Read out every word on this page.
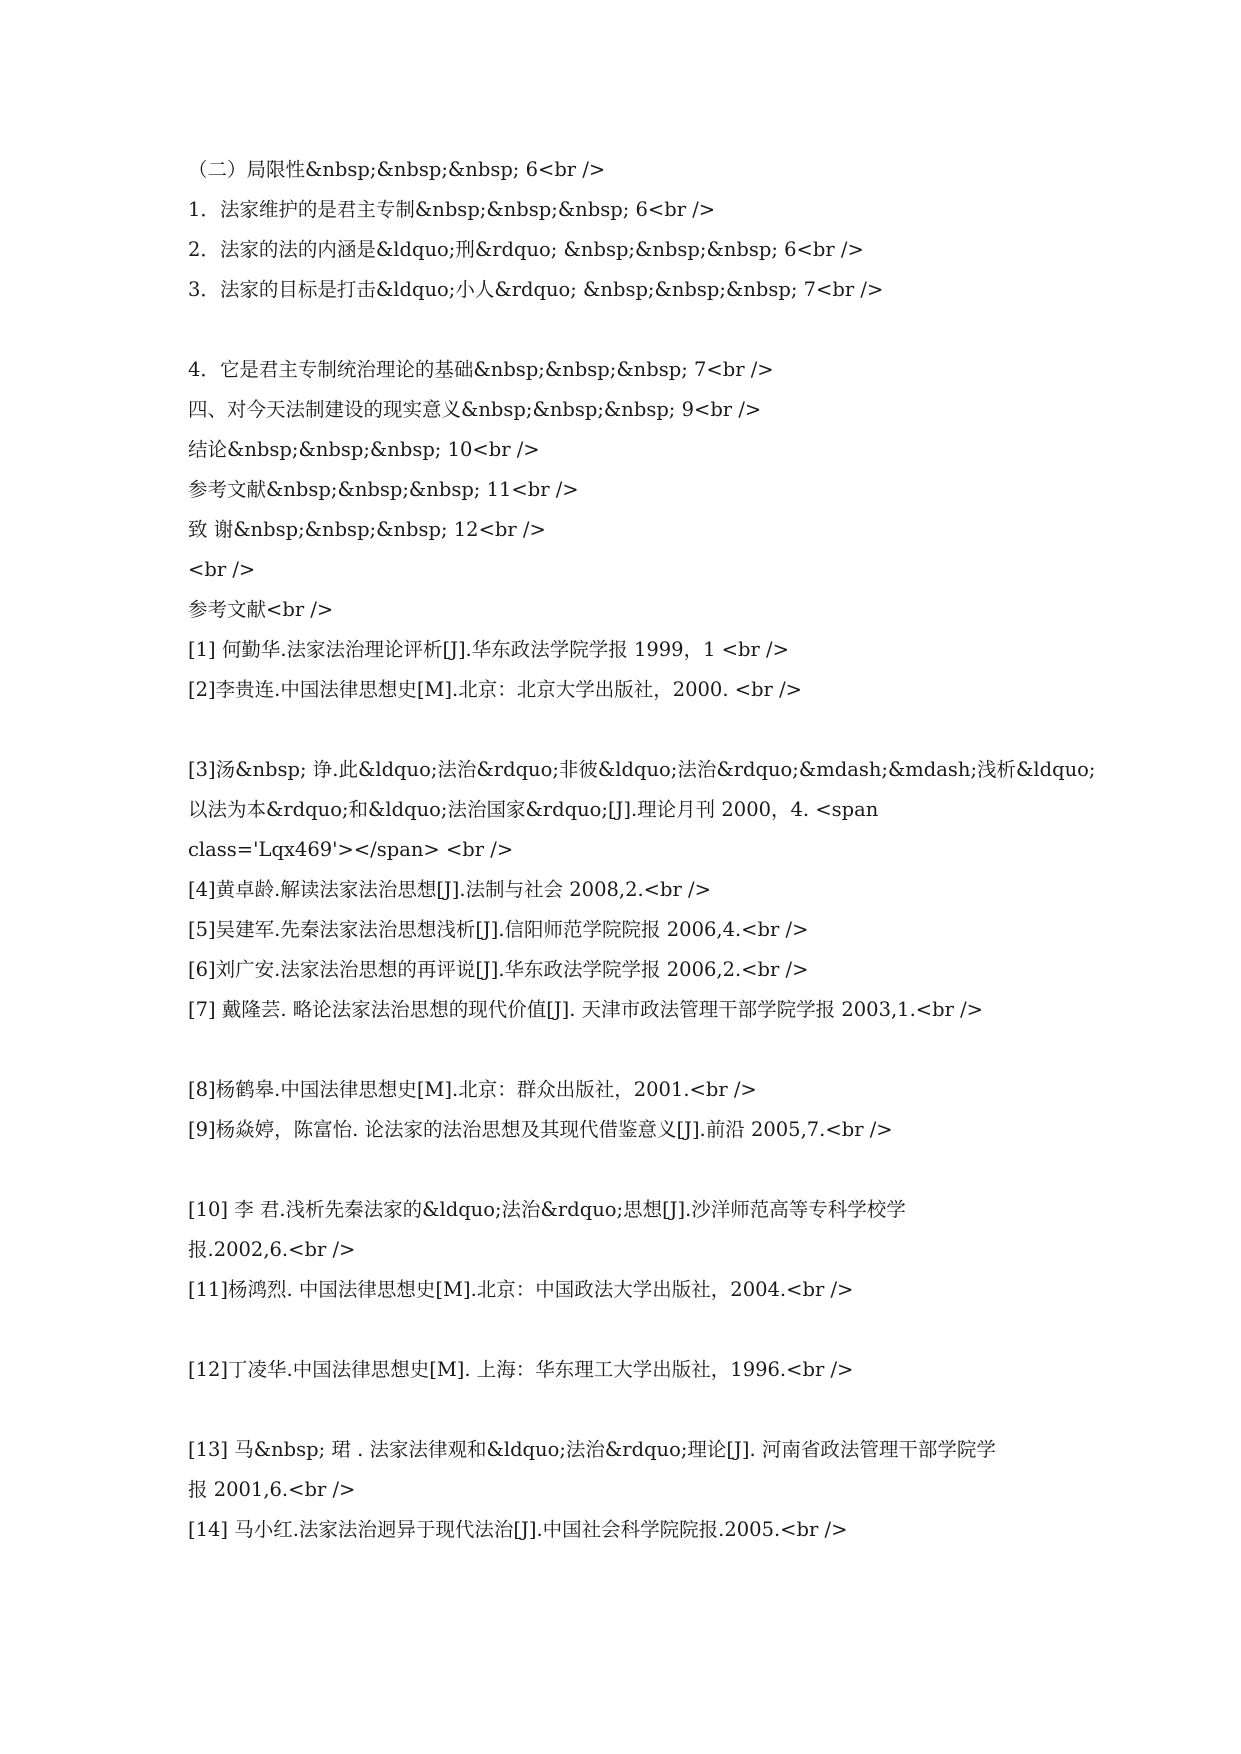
（二）局限性&nbsp;&nbsp;&nbsp; 6<br />
1．法家维护的是君主专制&nbsp;&nbsp;&nbsp; 6<br />
2．法家的法的内涵是&ldquo;刑&rdquo; &nbsp;&nbsp;&nbsp; 6<br />
3．法家的目标是打击&ldquo;小人&rdquo; &nbsp;&nbsp;&nbsp; 7<br />
4．它是君主专制统治理论的基础&nbsp;&nbsp;&nbsp; 7<br />
四、对今天法制建设的现实意义&nbsp;&nbsp;&nbsp; 9<br />
结论&nbsp;&nbsp;&nbsp; 10<br />
参考文献&nbsp;&nbsp;&nbsp; 11<br />
致 谢&nbsp;&nbsp;&nbsp; 12<br />
<br />
参考文献<br />
[1] 何勤华.法家法治理论评析[J].华东政法学院学报 1999，1 <br />
[2]李贵连.中国法律思想史[M].北京：北京大学出版社，2000. <br />
[3]汤&nbsp; 诤.此&ldquo;法治&rdquo;非彼&ldquo;法治&rdquo;&mdash;&mdash;浅析&ldquo;
以法为本&rdquo;和&ldquo;法治国家&rdquo;[J].理论月刊 2000，4. <span
class='Lqx469'></span> <br />
[4]黄卓龄.解读法家法治思想[J].法制与社会 2008,2.<br />
[5]吴建军.先秦法家法治思想浅析[J].信阳师范学院院报 2006,4.<br />
[6]刘广安.法家法治思想的再评说[J].华东政法学院学报 2006,2.<br />
[7] 戴隆芸. 略论法家法治思想的现代价值[J]. 天津市政法管理干部学院学报 2003,1.<br />
[8]杨鹤皋.中国法律思想史[M].北京：群众出版社，2001.<br />
[9]杨焱婷，陈富怡. 论法家的法治思想及其现代借鉴意义[J].前沿 2005,7.<br />
[10] 李 君.浅析先秦法家的&ldquo;法治&rdquo;思想[J].沙洋师范高等专科学校学
报.2002,6.<br />
[11]杨鸿烈. 中国法律思想史[M].北京：中国政法大学出版社，2004.<br />
[12]丁凌华.中国法律思想史[M]. 上海：华东理工大学出版社，1996.<br />
[13] 马&nbsp; 珺 . 法家法律观和&ldquo;法治&rdquo;理论[J]. 河南省政法管理干部学院学
报 2001,6.<br />
[14] 马小红.法家法治迥异于现代法治[J].中国社会科学院院报.2005.<br />
